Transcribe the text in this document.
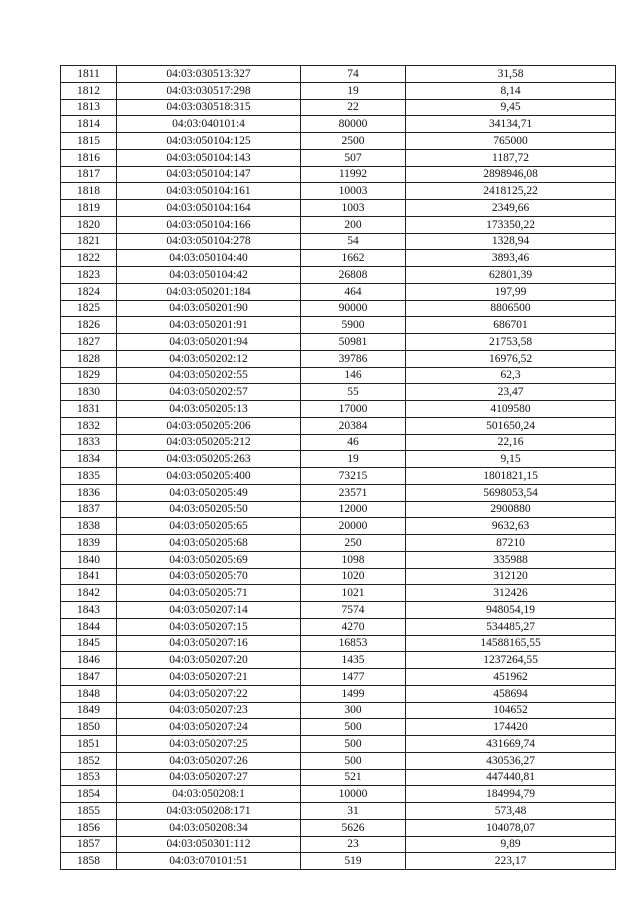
1811	04:03:030513:327	74	31,58
1812	04:03:030517:298	19	8,14
1813	04:03:030518:315	22	9,45
1814	04:03:040101:4	80000	34134,71
1815	04:03:050104:125	2500	765000
1816	04:03:050104:143	507	1187,72
1817	04:03:050104:147	11992	2898946,08
1818	04:03:050104:161	10003	2418125,22
1819	04:03:050104:164	1003	2349,66
1820	04:03:050104:166	200	173350,22
1821	04:03:050104:278	54	1328,94
1822	04:03:050104:40	1662	3893,46
1823	04:03:050104:42	26808	62801,39
1824	04:03:050201:184	464	197,99
1825	04:03:050201:90	90000	8806500
1826	04:03:050201:91	5900	686701
1827	04:03:050201:94	50981	21753,58
1828	04:03:050202:12	39786	16976,52
1829	04:03:050202:55	146	62,3
1830	04:03:050202:57	55	23,47
1831	04:03:050205:13	17000	4109580
1832	04:03:050205:206	20384	501650,24
1833	04:03:050205:212	46	22,16
1834	04:03:050205:263	19	9,15
1835	04:03:050205:400	73215	1801821,15
1836	04:03:050205:49	23571	5698053,54
1837	04:03:050205:50	12000	2900880
1838	04:03:050205:65	20000	9632,63
1839	04:03:050205:68	250	87210
1840	04:03:050205:69	1098	335988
1841	04:03:050205:70	1020	312120
1842	04:03:050205:71	1021	312426
1843	04:03:050207:14	7574	948054,19
1844	04:03:050207:15	4270	534485,27
1845	04:03:050207:16	16853	14588165,55
1846	04:03:050207:20	1435	1237264,55
1847	04:03:050207:21	1477	451962
1848	04:03:050207:22	1499	458694
1849	04:03:050207:23	300	104652
1850	04:03:050207:24	500	174420
1851	04:03:050207:25	500	431669,74
1852	04:03:050207:26	500	430536,27
1853	04:03:050207:27	521	447440,81
1854	04:03:050208:1	10000	184994,79
1855	04:03:050208:171	31	573,48
1856	04:03:050208:34	5626	104078,07
1857	04:03:050301:112	23	9,89
1858	04:03:070101:51	519	223,17
